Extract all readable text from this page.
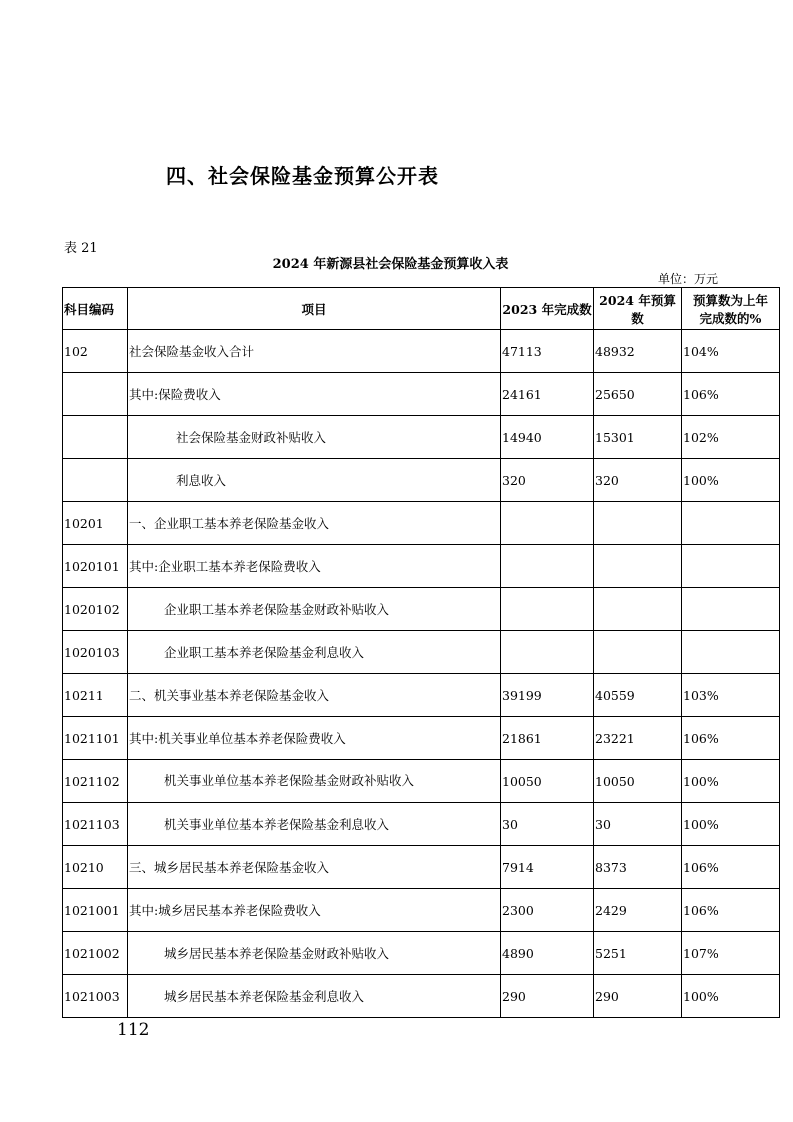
四、社会保险基金预算公开表
表 21
2024 年新源县社会保险基金预算收入表
单位：万元
科目编码	项目	2023 年完成数	2024 年预算数	预算数为上年
完成数的%

102	社会保险基金收入合计	47113	48932	104%
	其中:保险费收入	24161	25650	106%
	社会保险基金财政补贴收入	14940	15301	102%
	利息收入	320	320	100%
10201	一、企业职工基本养老保险基金收入			
1020101	其中:企业职工基本养老保险费收入			
1020102	企业职工基本养老保险基金财政补贴收入			
1020103	企业职工基本养老保险基金利息收入			
10211	二、机关事业基本养老保险基金收入	39199	40559	103%
1021101	其中:机关事业单位基本养老保险费收入	21861	23221	106%
1021102	机关事业单位基本养老保险基金财政补贴收入	10050	10050	100%
1021103	机关事业单位基本养老保险基金利息收入	30	30	100%
10210	三、城乡居民基本养老保险基金收入	7914	8373	106%
1021001	其中:城乡居民基本养老保险费收入	2300	2429	106%
1021002	城乡居民基本养老保险基金财政补贴收入	4890	5251	107%
1021003	城乡居民基本养老保险基金利息收入	290	290	100%
112
